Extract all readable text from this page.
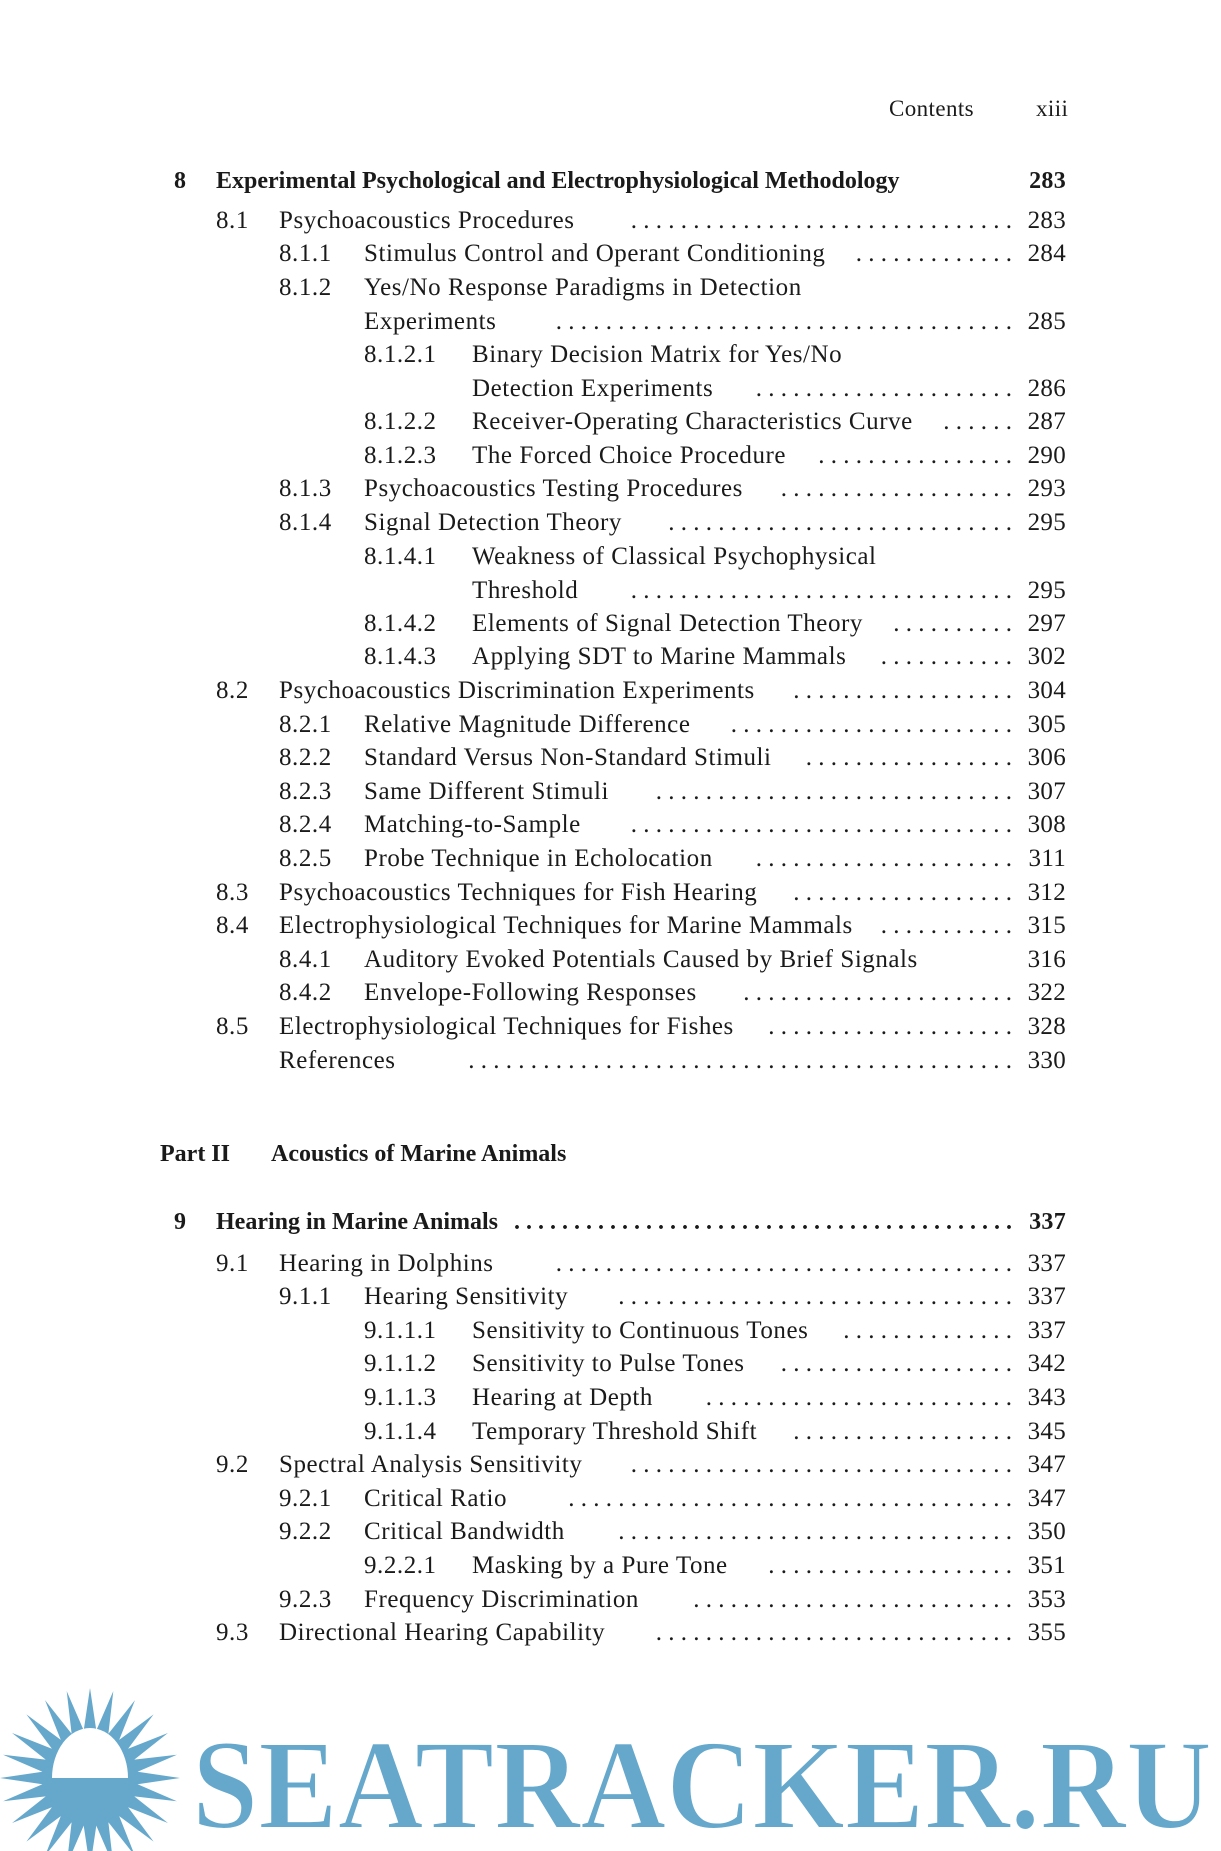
Contents	xiii
8 Experimental Psychological and Electrophysiological Methodology	283
8.1 Psychoacoustics Procedures	. . . . . . . . . . . . . . . . . . . . . . . . . . . . . . . 283
8.1.1 Stimulus Control and Operant Conditioning . . . . . . . . . . . . . 284
8.1.2 Yes/No Response Paradigms in Detection
Experiments	. . . . . . . . . . . . . . . . . . . . . . . . . . . . . . . . . . . . . 285
8.1.2.1 Binary Decision Matrix for Yes/No
Detection Experiments	. . . . . . . . . . . . . . . . . . . . . 286
8.1.2.2 Receiver-Operating Characteristics Curve . . . . . . 287
8.1.2.3 The Forced Choice Procedure	. . . . . . . . . . . . . . . . 290
8.1.3 Psychoacoustics Testing Procedures	. . . . . . . . . . . . . . . . . . . 293
8.1.4 Signal Detection Theory	. . . . . . . . . . . . . . . . . . . . . . . . . . . . 295
8.1.4.1 Weakness of Classical Psychophysical
Threshold	. . . . . . . . . . . . . . . . . . . . . . . . . . . . . . . 295
8.1.4.2 Elements of Signal Detection Theory . . . . . . . . . . 297
8.1.4.3 Applying SDT to Marine Mammals	. . . . . . . . . . . 302
8.2 Psychoacoustics Discrimination Experiments	. . . . . . . . . . . . . . . . . . 304
8.2.1 Relative Magnitude Difference	. . . . . . . . . . . . . . . . . . . . . . . 305
8.2.2 Standard Versus Non-Standard Stimuli	. . . . . . . . . . . . . . . . . 306
8.2.3 Same Different Stimuli	. . . . . . . . . . . . . . . . . . . . . . . . . . . . . 307
8.2.4 Matching-to-Sample	. . . . . . . . . . . . . . . . . . . . . . . . . . . . . . . 308
8.2.5 Probe Technique in Echolocation	. . . . . . . . . . . . . . . . . . . . . 311
8.3 Psychoacoustics Techniques for Fish Hearing	. . . . . . . . . . . . . . . . . . 312
8.4 Electrophysiological Techniques for Marine Mammals . . . . . . . . . . . 315
8.4.1 Auditory Evoked Potentials Caused by Brief Signals	316
8.4.2 Envelope-Following Responses	. . . . . . . . . . . . . . . . . . . . . . 322
8.5 Electrophysiological Techniques for Fishes	. . . . . . . . . . . . . . . . . . . . 328
References	. . . . . . . . . . . . . . . . . . . . . . . . . . . . . . . . . . . . . . . . . . . . 330
9 Hearing in Marine Animals . . . . . . . . . . . . . . . . . . . . . . . . . . . . . . . . . . . . . . . . . . 337
9.1 Hearing in Dolphins	. . . . . . . . . . . . . . . . . . . . . . . . . . . . . . . . . . . . . 337
9.1.1 Hearing Sensitivity	. . . . . . . . . . . . . . . . . . . . . . . . . . . . . . . . 337
9.1.1.1 Sensitivity to Continuous Tones	. . . . . . . . . . . . . . 337
9.1.1.2 Sensitivity to Pulse Tones	. . . . . . . . . . . . . . . . . . . 342
9.1.1.3 Hearing at Depth	. . . . . . . . . . . . . . . . . . . . . . . . . 343
9.1.1.4 Temporary Threshold Shift	. . . . . . . . . . . . . . . . . . 345
9.2 Spectral Analysis Sensitivity	. . . . . . . . . . . . . . . . . . . . . . . . . . . . . . . 347
9.2.1 Critical Ratio	. . . . . . . . . . . . . . . . . . . . . . . . . . . . . . . . . . . . 347
9.2.2 Critical Bandwidth	. . . . . . . . . . . . . . . . . . . . . . . . . . . . . . . . 350
9.2.2.1 Masking by a Pure Tone	. . . . . . . . . . . . . . . . . . . . 351
9.2.3 Frequency Discrimination	. . . . . . . . . . . . . . . . . . . . . . . . . . 353
9.3 Directional Hearing Capability	. . . . . . . . . . . . . . . . . . . . . . . . . . . . . 355
Part II Acoustics of Marine Animals
SEATRACKER.RU
